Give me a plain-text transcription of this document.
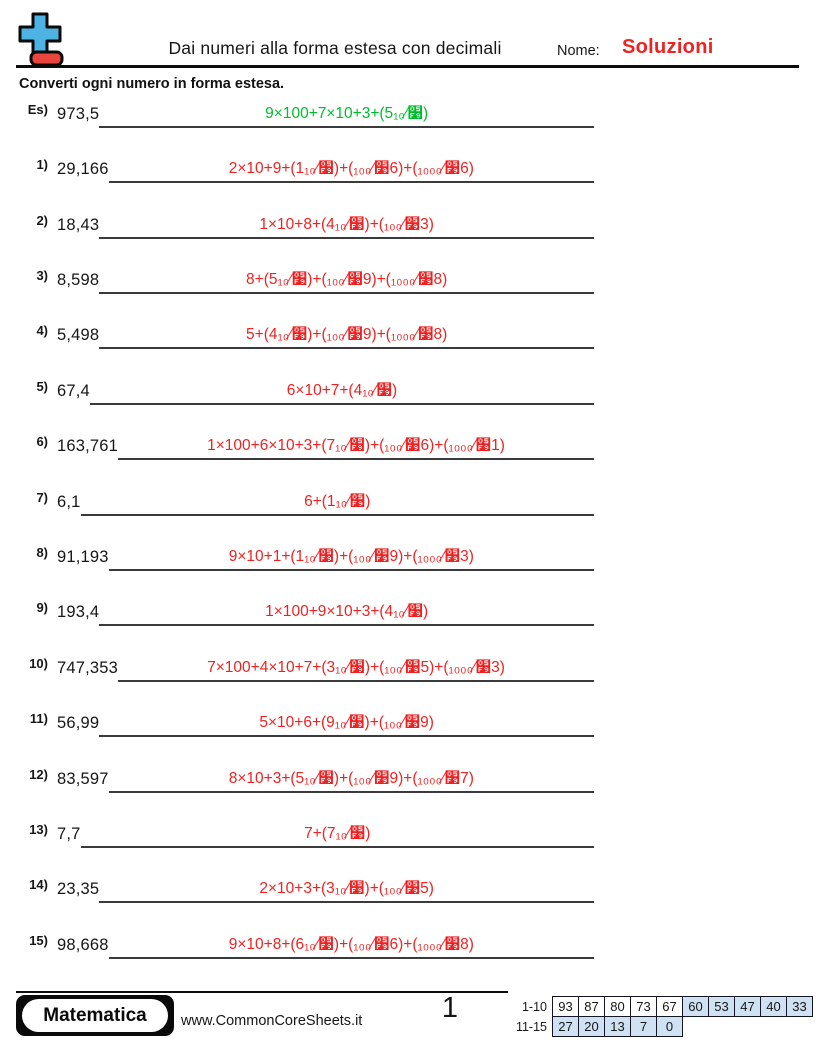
Dai numeri alla forma estesa con decimali	Nome: Soluzioni
Converti ogni numero in forma estesa.
Es) 973,5	9×100+7×10+3+(5׹⁄₁₀)
1) 29,166	2×10+9+(1׹⁄₁₀)+(6׹⁄₁₀₀)+(6׹⁄₁₀₀₀)
2) 18,43	1×10+8+(4׹⁄₁₀)+(3׹⁄₁₀₀)
3) 8,598	8+(5׹⁄₁₀)+(9׹⁄₁₀₀)+(8׹⁄₁₀₀₀)
4) 5,498	5+(4׹⁄₁₀)+(9׹⁄₁₀₀)+(8׹⁄₁₀₀₀)
5) 67,4	6×10+7+(4׹⁄₁₀)
6) 163,761	1×100+6×10+3+(7׹⁄₁₀)+(6׹⁄₁₀₀)+(1׹⁄₁₀₀₀)
7) 6,1	6+(1׹⁄₁₀)
8) 91,193	9×10+1+(1׹⁄₁₀)+(9׹⁄₁₀₀)+(3׹⁄₁₀₀₀)
9) 193,4	1×100+9×10+3+(4׹⁄₁₀)
10) 747,353	7×100+4×10+7+(3׹⁄₁₀)+(5׹⁄₁₀₀)+(3׹⁄₁₀₀₀)
11) 56,99	5×10+6+(9׹⁄₁₀)+(9׹⁄₁₀₀)
12) 83,597	8×10+3+(5׹⁄₁₀)+(9׹⁄₁₀₀)+(7׹⁄₁₀₀₀)
13) 7,7	7+(7׹⁄₁₀)
14) 23,35	2×10+3+(3׹⁄₁₀)+(5׹⁄₁₀₀)
15) 98,668	9×10+8+(6׹⁄₁₀)+(6׹⁄₁₀₀)+(8׹⁄₁₀₀₀)
Matematica	www.CommonCoreSheets.it	1	1-10	93	87	80	73	67	60	53	47	40	33
11-15	27	20	13	7	0					
